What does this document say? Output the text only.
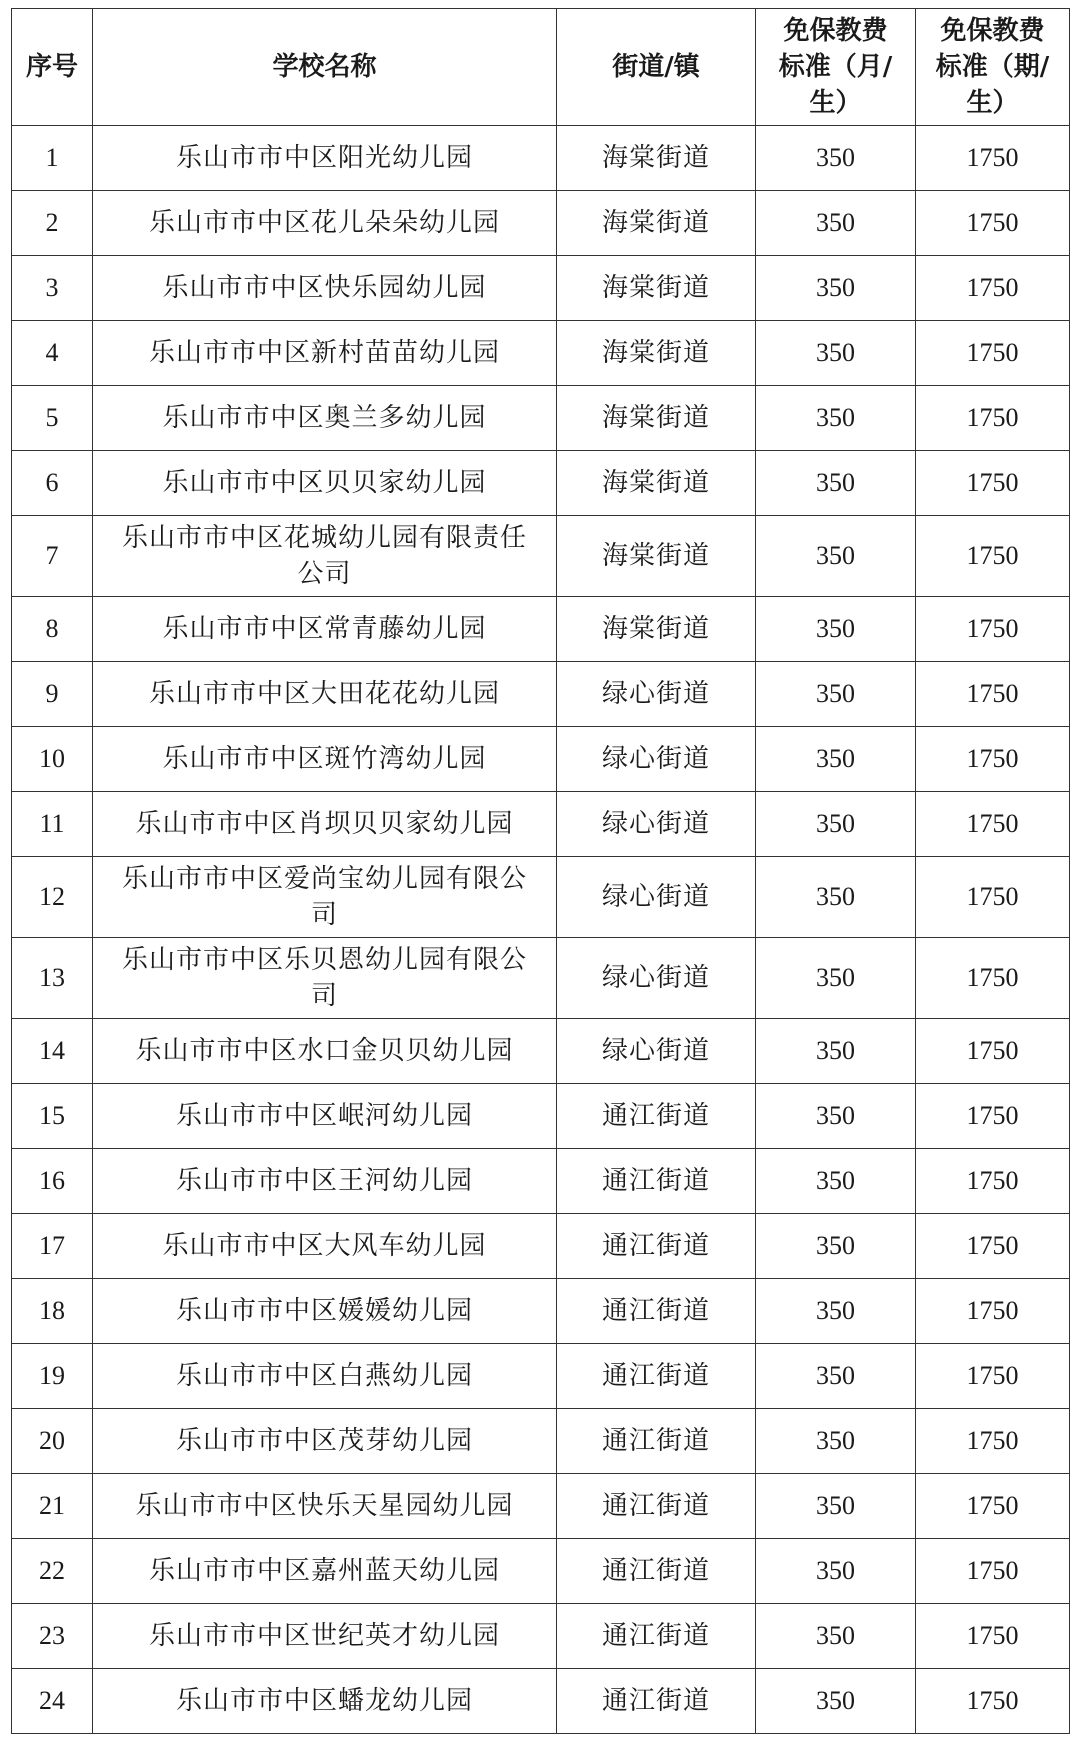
序号	学校名称	街道/镇	免保教费标准（月/生）	免保教费标准（期/生）

1	乐山市市中区阳光幼儿园	海棠街道	350	1750
2	乐山市市中区花儿朵朵幼儿园	海棠街道	350	1750
3	乐山市市中区快乐园幼儿园	海棠街道	350	1750
4	乐山市市中区新村苗苗幼儿园	海棠街道	350	1750
5	乐山市市中区奥兰多幼儿园	海棠街道	350	1750
6	乐山市市中区贝贝家幼儿园	海棠街道	350	1750
7	乐山市市中区花城幼儿园有限责任公司	海棠街道	350	1750
8	乐山市市中区常青藤幼儿园	海棠街道	350	1750
9	乐山市市中区大田花花幼儿园	绿心街道	350	1750
10	乐山市市中区斑竹湾幼儿园	绿心街道	350	1750
11	乐山市市中区肖坝贝贝家幼儿园	绿心街道	350	1750
12	乐山市市中区爱尚宝幼儿园有限公司	绿心街道	350	1750
13	乐山市市中区乐贝恩幼儿园有限公司	绿心街道	350	1750
14	乐山市市中区水口金贝贝幼儿园	绿心街道	350	1750
15	乐山市市中区岷河幼儿园	通江街道	350	1750
16	乐山市市中区王河幼儿园	通江街道	350	1750
17	乐山市市中区大风车幼儿园	通江街道	350	1750
18	乐山市市中区媛媛幼儿园	通江街道	350	1750
19	乐山市市中区白燕幼儿园	通江街道	350	1750
20	乐山市市中区茂芽幼儿园	通江街道	350	1750
21	乐山市市中区快乐天星园幼儿园	通江街道	350	1750
22	乐山市市中区嘉州蓝天幼儿园	通江街道	350	1750
23	乐山市市中区世纪英才幼儿园	通江街道	350	1750
24	乐山市市中区蟠龙幼儿园	通江街道	350	1750
